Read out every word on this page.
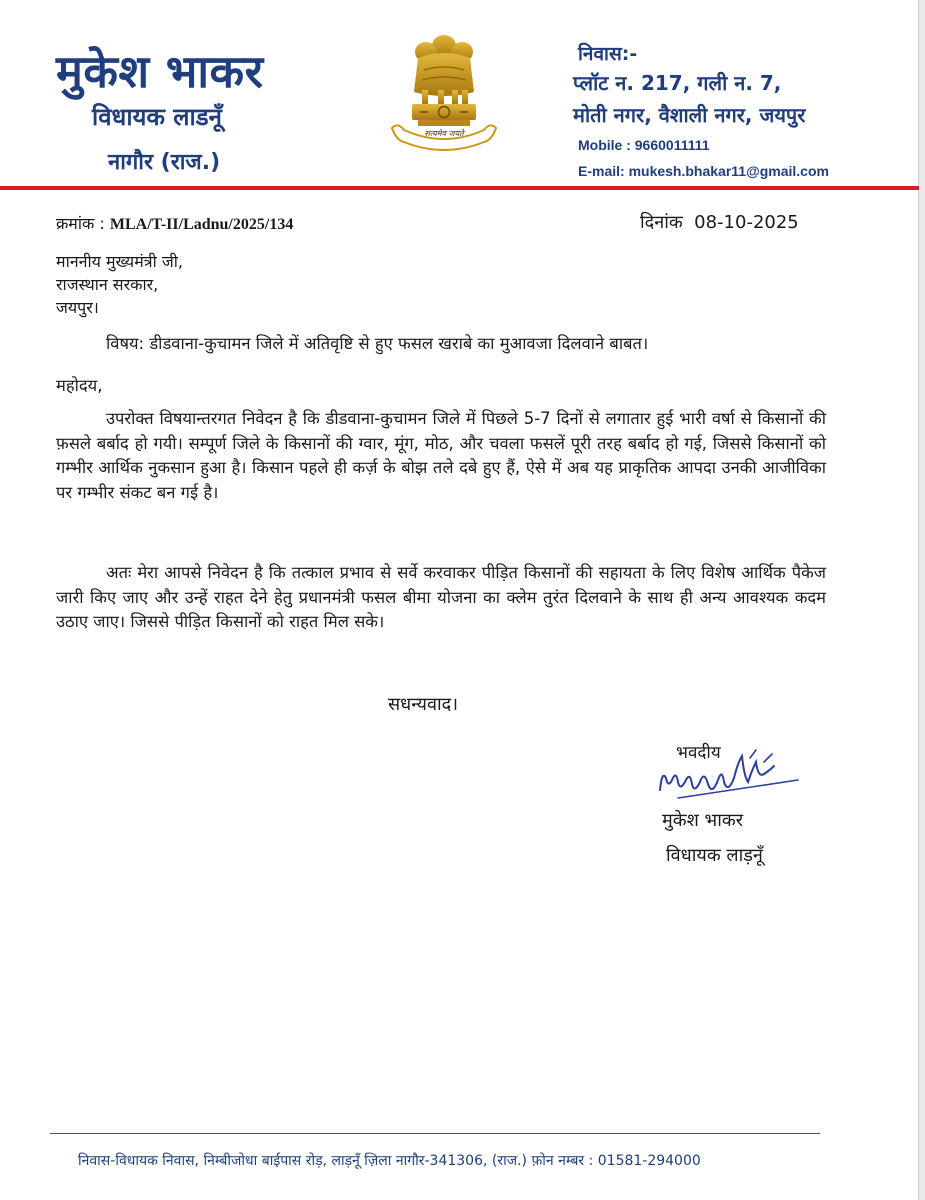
मुकेश भाकर
विधायक लाडनूँ
नागौर (राज.)
सत्यमेव जयते
निवास:-
प्लॉट न. 217, गली न. 7,
मोती नगर, वैशाली नगर, जयपुर
Mobile : 9660011111
E-mail: mukesh.bhakar11@gmail.com
क्रमांक : MLA/T-II/Ladnu/2025/134	दिनांक 08-10-2025
माननीय मुख्यमंत्री जी,
राजस्थान सरकार,
जयपुर।
विषय: डीडवाना-कुचामन जिले में अतिवृष्टि से हुए फसल खराबे का मुआवजा दिलवाने बाबत।
महोदय,
उपरोक्त विषयान्तरगत निवेदन है कि डीडवाना-कुचामन जिले में पिछले 5-7 दिनों से लगातार हुई भारी वर्षा से किसानों की फ़सले बर्बाद हो गयी। सम्पूर्ण जिले के किसानों की ग्वार, मूंग, मोठ, और चवला फसलें पूरी तरह बर्बाद हो गई, जिससे किसानों को गम्भीर आर्थिक नुकसान हुआ है। किसान पहले ही कर्ज़ के बोझ तले दबे हुए हैं, ऐसे में अब यह प्राकृतिक आपदा उनकी आजीविका पर गम्भीर संकट बन गई है।
अतः मेरा आपसे निवेदन है कि तत्काल प्रभाव से सर्वे करवाकर पीड़ित किसानों की सहायता के लिए विशेष आर्थिक पैकेज जारी किए जाए और उन्हें राहत देने हेतु प्रधानमंत्री फसल बीमा योजना का क्लेम तुरंत दिलवाने के साथ ही अन्य आवश्यक कदम उठाए जाए। जिससे पीड़ित किसानों को राहत मिल सके।
सधन्यवाद।
भवदीय
मुकेश भाकर
विधायक लाड़नूँ
निवास-विधायक निवास, निम्बीजोधा बाईपास रोड़, लाड़नूँ ज़िला नागौर-341306, (राज.) फ़ोन नम्बर : 01581-294000
